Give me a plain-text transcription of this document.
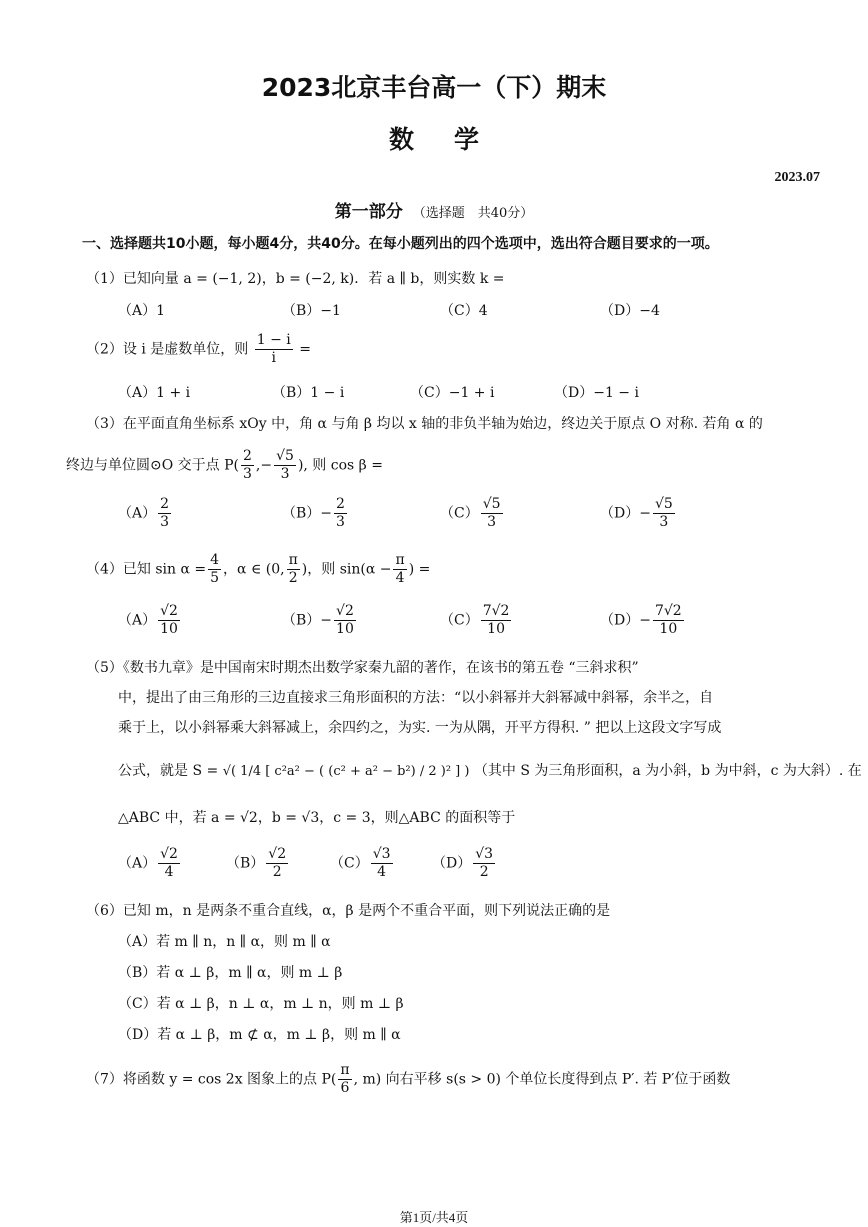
2023北京丰台高一（下）期末
数学
2023.07
第一部分 （选择题　共40分）
一、选择题共10小题，每小题4分，共40分。在每小题列出的四个选项中，选出符合题目要求的一项。
（1）已知向量 a = (−1, 2)，b = (−2, k)．若 a ∥ b，则实数 k =
（A）1	（B）−1	（C）4	（D）−4
（2）设 i 是虚数单位，则 $\frac{1 - i}{i}$ =
（A）1 + i	（B）1 − i	（C）−1 + i	（D）−1 − i
（3）在平面直角坐标系 xOy 中，角 α 与角 β 均以 x 轴的非负半轴为始边，终边关于原点 O 对称. 若角 α 的
终边与单位圆⊙O 交于点 $P( \frac{2}{3}$ ,− $\frac{√5}{3}$ ), 则 cos β =
$(A) \frac{2}{3}$	$(B)- \frac{2}{3}$	$(C) \frac{√5}{3}$	$(D)- \frac{√5}{3}$
（4）已知 $\sin \alpha = \frac{4}{5}$ ，α ∈ (0, $\frac{\pi}{2}$ )，则 $\sin(\alpha - \frac{\pi}{4}$ ) =
$(A) \frac{√2}{10}$	$(B)- \frac{√2}{10}$	$(C) \frac{7√2}{10}$	$(D)- \frac{7√2}{10}$
（5）《数书九章》是中国南宋时期杰出数学家秦九韶的著作，在该书的第五卷 “三斜求积”
中，提出了由三角形的三边直接求三角形面积的方法：“以小斜幂并大斜幂减中斜幂，余半之，自
乘于上，以小斜幂乘大斜幂减上，余四约之，为实. 一为从隅，开平方得积. ” 把以上这段文字写成
公式，就是 S = √( 1/4 [ c²a² − ( (c² + a² − b²) / 2 )² ] ) （其中 S 为三角形面积，a 为小斜，b 为中斜，c 为大斜）. 在
△ABC 中，若 a = √2，b = √3，c = 3，则△ABC 的面积等于
$(A) \frac{√2}{4}$	$(B) \frac{√2}{2}$	$(C) \frac{√3}{4}$	$(D) \frac{√3}{2}$
（6）已知 m，n 是两条不重合直线，α，β 是两个不重合平面，则下列说法正确的是
（A）若 m ∥ n，n ∥ α，则 m ∥ α
（B）若 α ⊥ β，m ∥ α，则 m ⊥ β
（C）若 α ⊥ β，n ⊥ α，m ⊥ n，则 m ⊥ β
（D）若 α ⊥ β，m ⊄ α，m ⊥ β，则 m ∥ α
（7）将函数 y = cos 2x 图象上的点 $P( \frac{\pi}{6}$ , m) 向右平移 s(s > 0) 个单位长度得到点 P′. 若 P′位于函数
第1页/共4页
